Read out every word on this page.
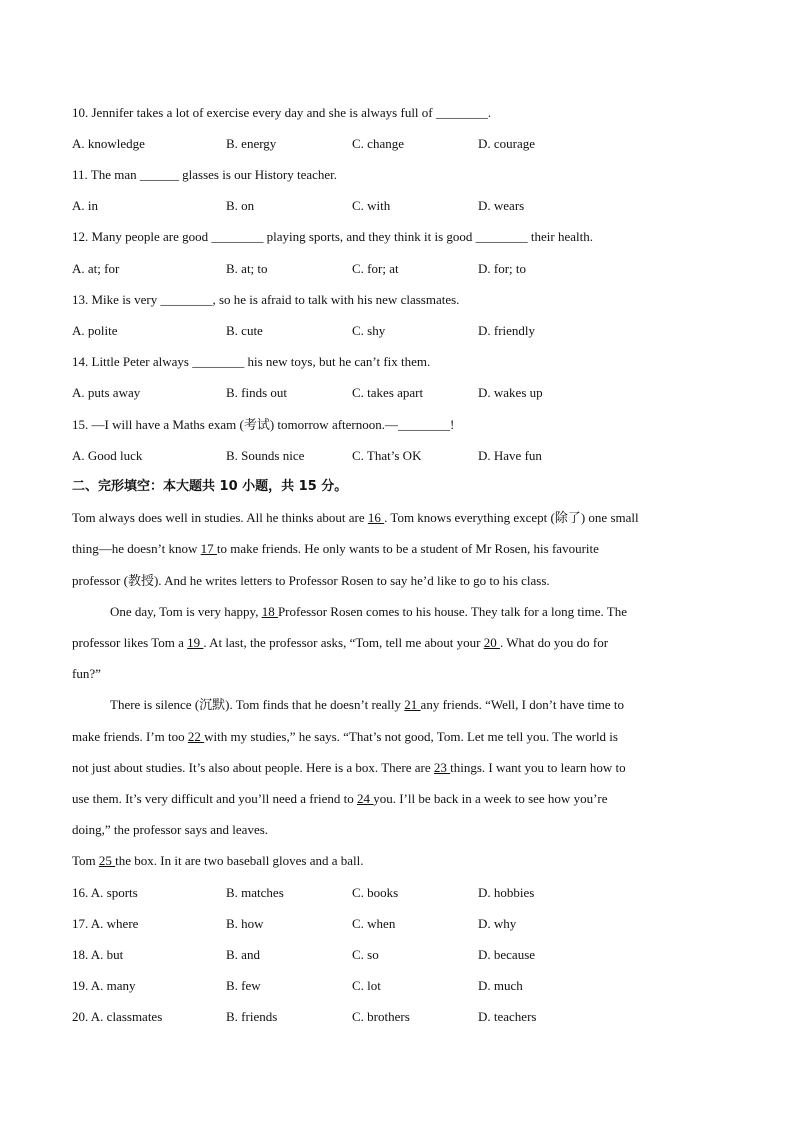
10. Jennifer takes a lot of exercise every day and she is always full of ________.
A. knowledge	B. energy	C. change	D. courage
11. The man ______ glasses is our History teacher.
A. in	B. on	C. with	D. wears
12. Many people are good ________ playing sports, and they think it is good ________ their health.
A. at; for	B. at; to	C. for; at	D. for; to
13. Mike is very ________, so he is afraid to talk with his new classmates.
A. polite	B. cute	C. shy	D. friendly
14. Little Peter always ________ his new toys, but he can’t fix them.
A. puts away	B. finds out	C. takes apart	D. wakes up
15. —I will have a Maths exam (考试) tomorrow afternoon.—________!
A. Good luck	B. Sounds nice	C. That’s OK	D. Have fun
二、完形填空：本大题共 10 小题，共 15 分。
Tom always does well in studies. All he thinks about are 16 . Tom knows everything except (除了) one small
thing—he doesn’t know 17 to make friends. He only wants to be a student of Mr Rosen, his favourite
professor (教授). And he writes letters to Professor Rosen to say he’d like to go to his class.
One day, Tom is very happy, 18 Professor Rosen comes to his house. They talk for a long time. The
professor likes Tom a 19 . At last, the professor asks, “Tom, tell me about your 20 . What do you do for
fun?”
There is silence (沉默). Tom finds that he doesn’t really 21 any friends. “Well, I don’t have time to
make friends. I’m too 22 with my studies,” he says. “That’s not good, Tom. Let me tell you. The world is
not just about studies. It’s also about people. Here is a box. There are 23 things. I want you to learn how to
use them. It’s very difficult and you’ll need a friend to 24 you. I’ll be back in a week to see how you’re
doing,” the professor says and leaves.
Tom 25 the box. In it are two baseball gloves and a ball.
16. A. sports	B. matches	C. books	D. hobbies
17. A. where	B. how	C. when	D. why
18. A. but	B. and	C. so	D. because
19. A. many	B. few	C. lot	D. much
20. A. classmates	B. friends	C. brothers	D. teachers
